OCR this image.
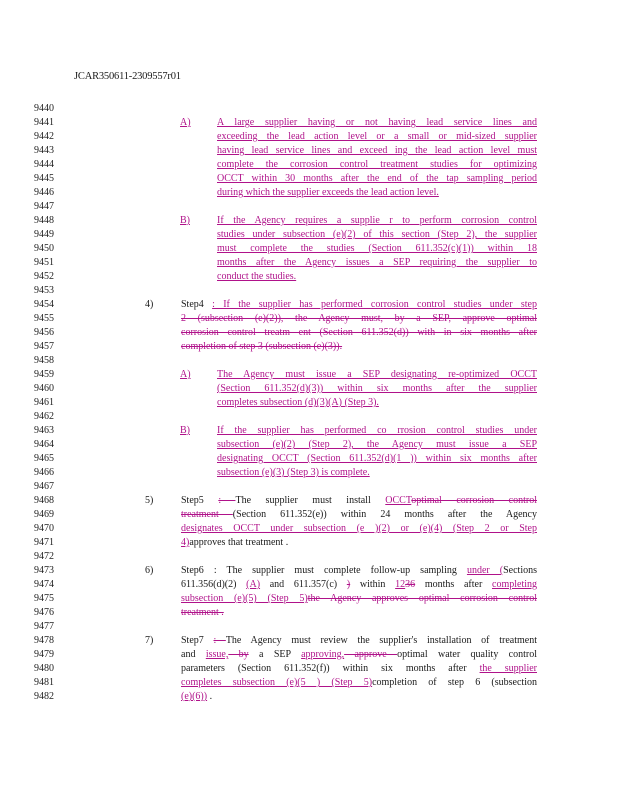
JCAR350611-2309557r01
9440
9441
9442
9443
9444
9445
9446
9447
9448
9449
9450
9451
9452
9453
9454
9455
9456
9457
9458
9459
9460
9461
9462
9463
9464
9465
9466
9467
9468
9469
9470
9471
9472
9473
9474
9475
9476
9477
9478
9479
9480
9481
9482
A)	A large supplier having or not having lead service lines and
exceeding the lead action level or a small or mid-sized supplier
having lead service lines and exceed ing the lead action level must
complete the corrosion control treatment studies for optimizing
OCCT within 30 months after the end of the tap sampling period
during which the supplier exceeds the lead action level.
B)	If the Agency requires a supplie r to perform corrosion control
studies under subsection (e)(2) of this section (Step 2), the supplier
must complete the studies (Section 611.352(c)(1)) within 18
months after the Agency issues a SEP requiring the supplier to
conduct the studies.
4)	Step4 : If the supplier has performed corrosion control studies under step
2 (subsection (e)(2)), the Agency must, by a SEP, approve optimal
corrosion control treatm ent (Section 611.352(d)) with in six months after
completion of step 3 (subsection (e)(3)).
A)	The Agency must issue a SEP designating re-optimized OCCT
(Section 611.352(d)(3)) within six months after the supplier
completes subsection (d)(3)(A) (Step 3).
B)	If the supplier has performed co rrosion control studies under
subsection (e)(2) (Step 2), the Agency must issue a SEP
designating OCCT (Section 611.352(d)(1 )) within six months after
subsection (e)(3) (Step 3) is complete.
5)	Step5 : The supplier must install OCCToptimal corrosion control
treatment (Section 611.352(e)) within 24 months after the Agency
designates OCCT under subsection (e )(2) or (e)(4) (Step 2 or Step
4)approves that treatment .
6)	Step6 : The supplier must complete follow-up sampling under (Sections
611.356(d)(2) (A) and 611.357(c) ) within 1236 months after completing
subsection (e)(5) (Step 5)the Agency approves optimal corrosion control
treatment .
7)	Step7 : The Agency must review the supplier's installation of treatment
and issue, by a SEP approving, approve optimal water quality control
parameters (Section 611.352(f)) within six months after the supplier
completes subsection (e)(5 ) (Step 5)completion of step 6 (subsection
(e)(6)) .
